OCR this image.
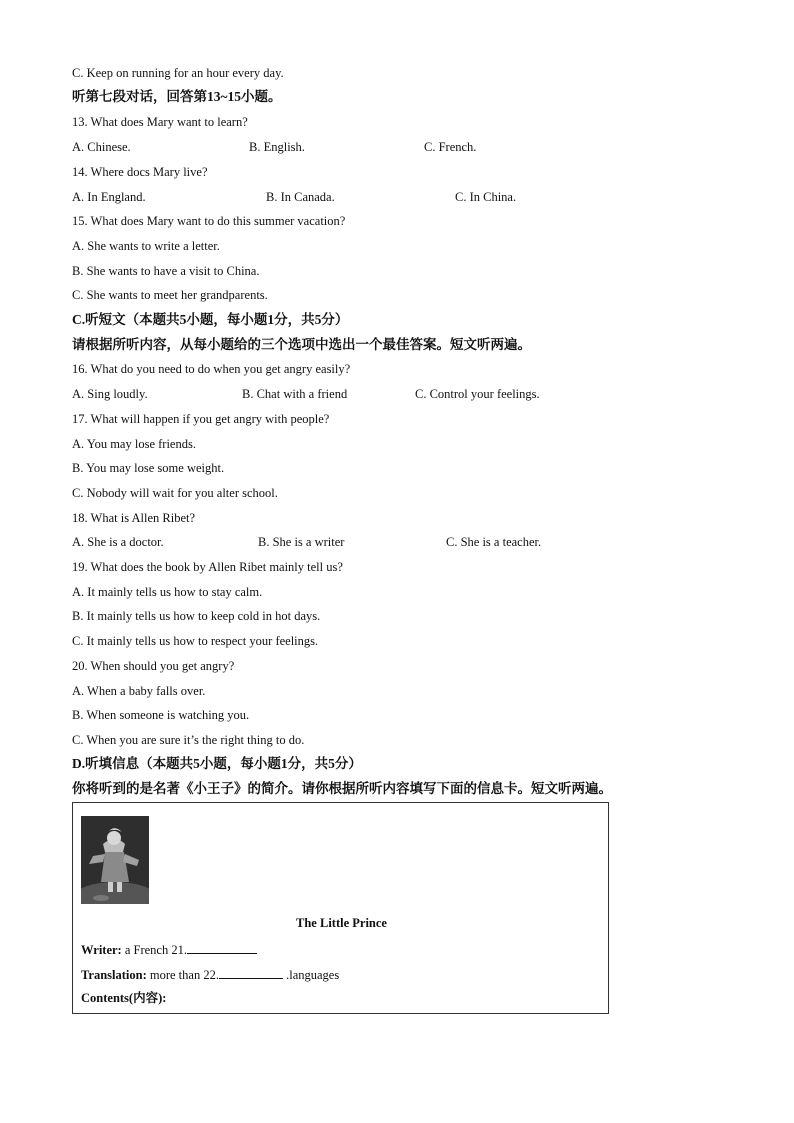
C. Keep on running for an hour every day.
听第七段对话，回答第13~15小题。
13. What does Mary want to learn?
A. Chinese.	B. English.	C. French.
14. Where docs Mary live?
A. In England.	B. In Canada.	C. In China.
15. What does Mary want to do this summer vacation?
A. She wants to write a letter.
B. She wants to have a visit to China.
C. She wants to meet her grandparents.
C.听短文（本题共5小题，每小题1分，共5分）
请根据所听内容，从每小题给的三个选项中选出一个最佳答案。短文听两遍。
16. What do you need to do when you get angry easily?
A. Sing loudly.	B. Chat with a friend	C. Control your feelings.
17. What will happen if you get angry with people?
A. You may lose friends.
B. You may lose some weight.
C. Nobody will wait for you alter school.
18. What is Allen Ribet?
A. She is a doctor.	B. She is a writer	C. She is a teacher.
19. What does the book by Allen Ribet mainly tell us?
A. It mainly tells us how to stay calm.
B. It mainly tells us how to keep cold in hot days.
C. It mainly tells us how to respect your feelings.
20. When should you get angry?
A. When a baby falls over.
B. When someone is watching you.
C. When you are sure it’s the right thing to do.
D.听填信息（本题共5小题，每小题1分，共5分）
你将听到的是名著《小王子》的简介。请你根据所听内容填写下面的信息卡。短文听两遍。
The Little Prince
Writer: a French 21.
Translation: more than 22.	.languages
Contents(内容):
